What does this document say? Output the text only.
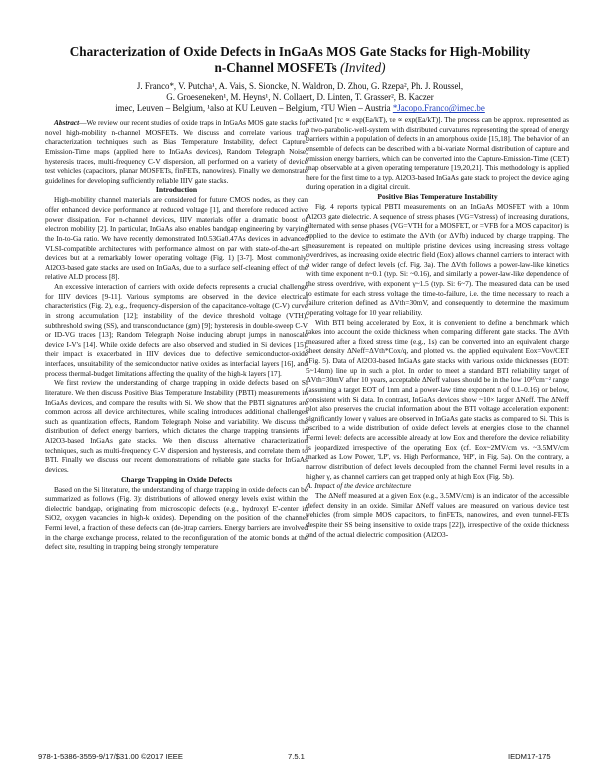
Characterization of Oxide Defects in InGaAs MOS Gate Stacks for High-Mobility
n-Channel MOSFETs (Invited)
J. Franco*, V. Putcha¹, A. Vais, S. Sioncke, N. Waldron, D. Zhou, G. Rzepa², Ph. J. Roussel,
G. Groeseneken¹, M. Heyns¹, N. Collaert, D. Linten, T. Grasser², B. Kaczer
imec, Leuven – Belgium, ¹also at KU Leuven – Belgium, ²TU Wien – Austria *Jacopo.Franco@imec.be

Abstract—We review our recent studies of oxide traps in InGaAs MOS gate stacks for novel high-mobility n-channel MOSFETs. We discuss and correlate various trap characterization techniques such as Bias Temperature Instability, defect Capture-Emission-Time maps (applied here to InGaAs devices), Random Telegraph Noise, hysteresis traces, multi-frequency C-V dispersion, all performed on a variety of device test vehicles (capacitors, planar MOSFETs, finFETs, nanowires). Finally we demonstrate guidelines for developing sufficiently reliable IIIV gate stacks.

Introduction

High-mobility channel materials are considered for future CMOS nodes, as they can offer enhanced device performance at reduced voltage [1], and therefore reduced active power dissipation. For n-channel devices, IIIV materials offer a dramatic boost of electron mobility [2]. In particular, InGaAs also enables bandgap engineering by varying the In-to-Ga ratio. We have recently demonstrated In0.53Ga0.47As devices in advanced VLSI-compatible architectures with performance almost on par with state-of-the-art Si devices but at a remarkably lower operating voltage (Fig. 1) [3-7]. Most commonly, Al2O3-based gate stacks are used on InGaAs, due to a surface self-cleaning effect of the relative ALD process [8].

An excessive interaction of carriers with oxide defects represents a crucial challenge for IIIV devices [9-11]. Various symptoms are observed in the device electrical characteristics (Fig. 2), e.g., frequency-dispersion of the capacitance-voltage (C-V) curve in strong accumulation [12]; instability of the device threshold voltage (VTH), subthreshold swing (SS), and transconductance (gm) [9]; hysteresis in double-sweep C-V or ID-VG traces [13]; Random Telegraph Noise inducing abrupt jumps in nanoscale device I-V's [14]. While oxide defects are also observed and studied in Si devices [15], their impact is exacerbated in IIIV devices due to defective semiconductor-oxide interfaces, unsuitability of the semiconductor native oxides as interfacial layers [16], and process thermal-budget limitations affecting the quality of the high-k layers [17].

We first review the understanding of charge trapping in oxide defects based on Si literature. We then discuss Positive Bias Temperature Instability (PBTI) measurements in InGaAs devices, and compare the results with Si. We show that the PBTI signatures are common across all device architectures, while scaling introduces additional challenges such as quantization effects, Random Telegraph Noise and variability. We discuss the distribution of defect energy barriers, which dictates the charge trapping transients in Al2O3-based InGaAs gate stacks. We then discuss alternative characterization techniques, such as multi-frequency C-V dispersion and hysteresis, and correlate them to BTI. Finally we discuss our recent demonstrations of reliable gate stacks for InGaAs devices.

Charge Trapping in Oxide Defects

Based on the Si literature, the understanding of charge trapping in oxide defects can be summarized as follows (Fig. 3): distributions of allowed energy levels exist within the dielectric bandgap, originating from microscopic defects (e.g., hydroxyl E'-center in SiO2, oxygen vacancies in high-k oxides). Depending on the position of the channel Fermi level, a fraction of these defects can (de-)trap carriers. Energy barriers are involved in the charge exchange process, related to the reconfiguration of the atomic bonds at the defect site, resulting in trapping being strongly temperature

activated [τc ∝ exp(Ea/kT), τe ∝ exp(Ea/kT)]. The process can be approx. represented as a two-parabolic-well-system with distributed curvatures representing the spread of energy barriers within a population of defects in an amorphous oxide [15,18]. The behavior of an ensemble of defects can be described with a bi-variate Normal distribution of capture and emission energy barriers, which can be converted into the Capture-Emission-Time (CET) map observable at a given operating temperature [19,20,21]. This methodology is applied here for the first time to a typ. Al2O3-based InGaAs gate stack to project the device aging during operation in a digital circuit.

Positive Bias Temperature Instability

Fig. 4 reports typical PBTI measurements on an InGaAs MOSFET with a 10nm Al2O3 gate dielectric. A sequence of stress phases (VG=Vstress) of increasing durations, alternated with sense phases (VG=VTH for a MOSFET, or =VFB for a MOS capacitor) is applied to the device to estimate the ΔVth (or ΔVfb) induced by charge trapping. The measurement is repeated on multiple pristine devices using increasing stress voltage overdrives, as increasing oxide electric field (Eox) allows channel carriers to interact with a wider range of defect levels (cf. Fig. 3a). The ΔVth follows a power-law-like kinetics with time exponent n~0.1 (typ. Si: ~0.16), and similarly a power-law-like dependence of the stress overdrive, with exponent γ~1.5 (typ. Si: 6~7). The measured data can be used to estimate for each stress voltage the time-to-failure, i.e. the time necessary to reach a failure criterion defined as ΔVth=30mV, and consequently to determine the maximum operating voltage for 10 year reliability.

With BTI being accelerated by Eox, it is convenient to define a benchmark which takes into account the oxide thickness when comparing different gate stacks. The ΔVth measured after a fixed stress time (e.g., 1s) can be converted into an equivalent charge sheet density ΔNeff=ΔVth*Cox/q, and plotted vs. the applied equivalent Eox=Vov/CET (Fig. 5). Data of Al2O3-based InGaAs gate stacks with various oxide thicknesses (EOT: 5~14nm) line up in such a plot. In order to meet a standard BTI reliability target of ΔVth=30mV after 10 years, acceptable ΔNeff values should be in the low 10¹⁰cm⁻² range (assuming a target EOT of 1nm and a power-law time exponent n of 0.1–0.16) or below, consistent with Si data. In contrast, InGaAs devices show ~10× larger ΔNeff. The ΔNeff plot also preserves the crucial information about the BTI voltage acceleration exponent: significantly lower γ values are observed in InGaAs gate stacks as compared to Si. This is ascribed to a wide distribution of oxide defect levels at energies close to the channel Fermi level: defects are accessible already at low Eox and therefore the device reliability is jeopardized irrespective of the operating Eox (cf. Eox~2MV/cm vs. ~3.5MV/cm marked as Low Power, 'LP', vs. High Performance, 'HP', in Fig. 5a). On the contrary, a narrow distribution of defect levels decoupled from the channel Fermi level results in a higher γ, as channel carriers can get trapped only at high Eox (Fig. 5b).

A. Impact of the device architecture

The ΔNeff measured at a given Eox (e.g., 3.5MV/cm) is an indicator of the accessible defect density in an oxide. Similar ΔNeff values are measured on various device test vehicles (from simple MOS capacitors, to finFETs, nanowires, and even tunnel-FETs despite their SS being insensitive to oxide traps [22]), irrespective of the oxide thickness and of the actual dielectric composition (Al2O3-

978-1-5386-3559-9/17/$31.00 ©2017 IEEE	7.5.1	IEDM17-175
